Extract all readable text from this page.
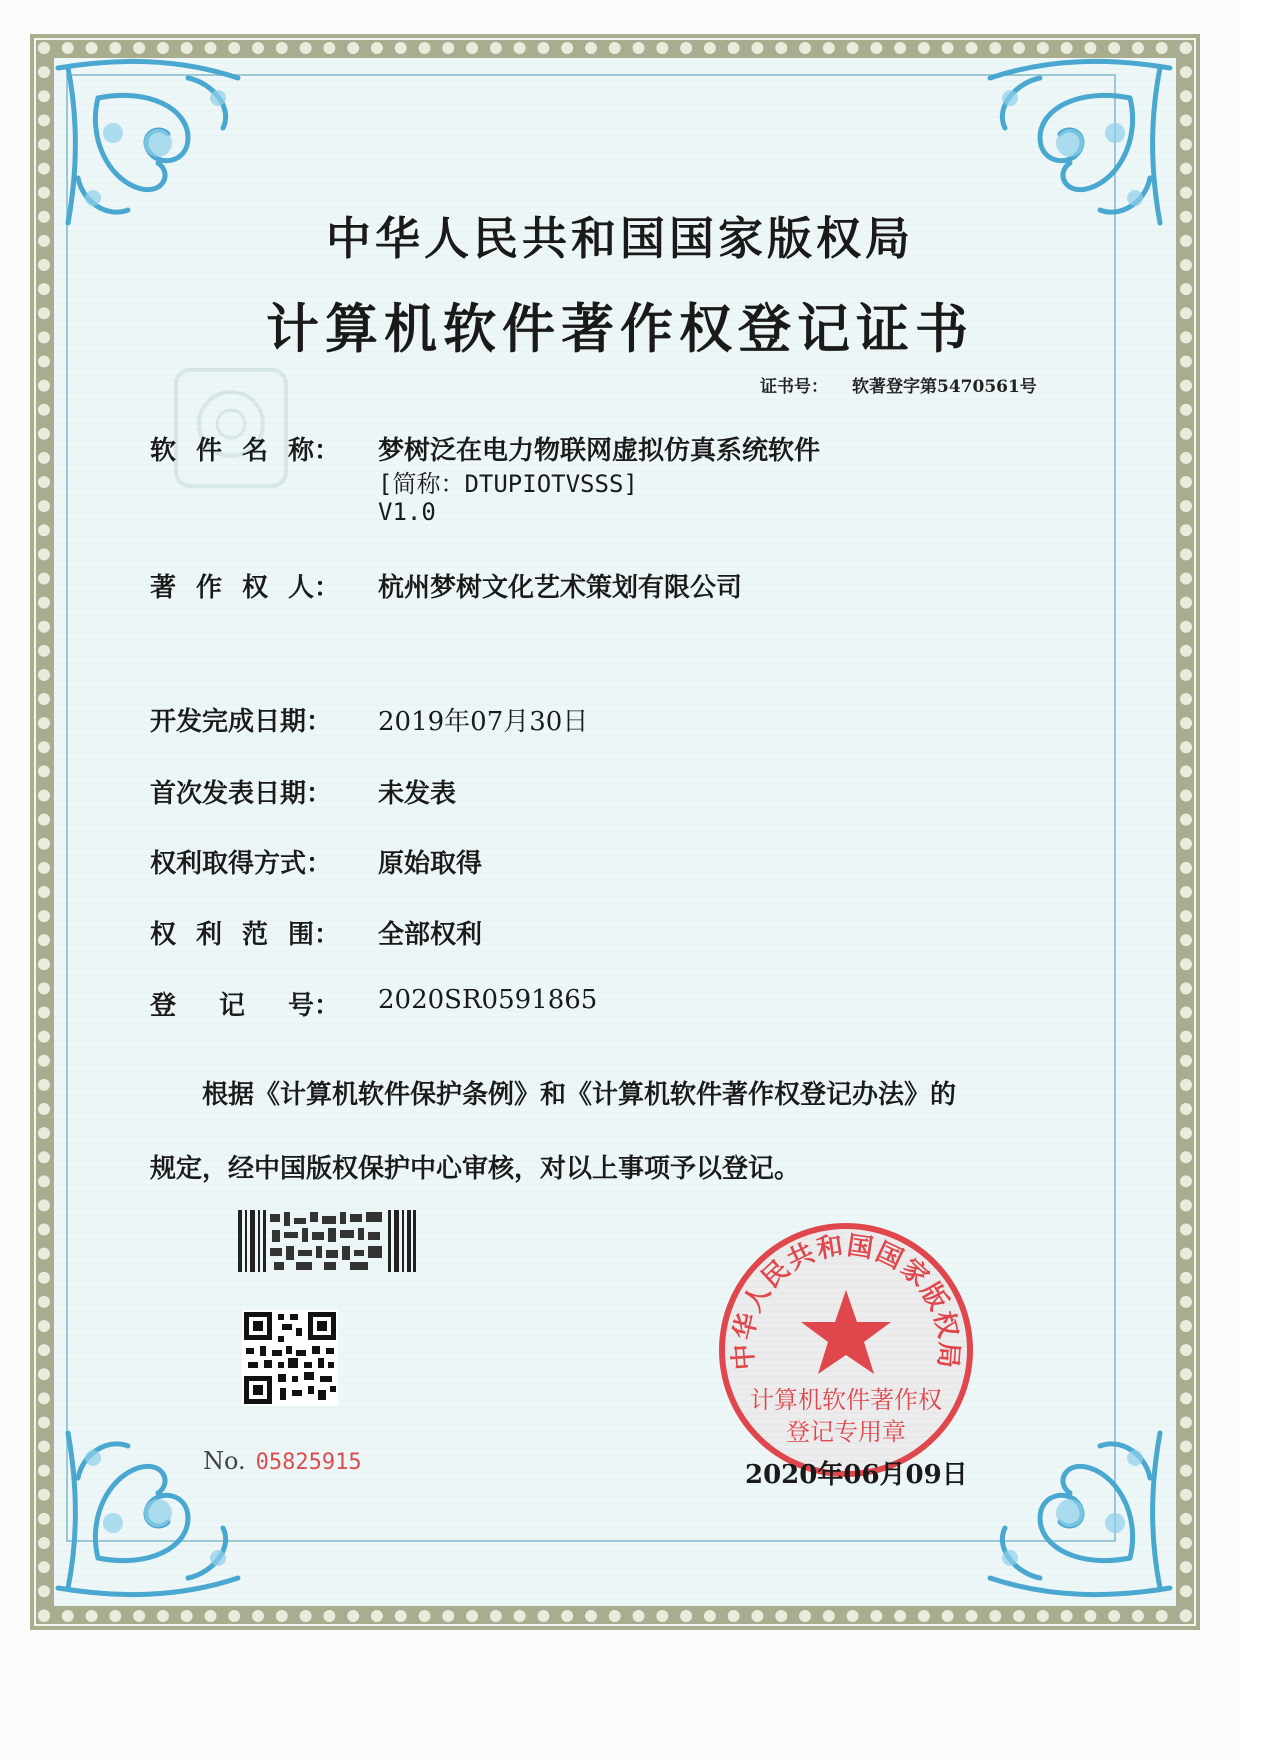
中华人民共和国国家版权局
计算机软件著作权登记证书
证书号： 软著登字第5470561号
软 件 名 称： 梦树泛在电力物联网虚拟仿真系统软件
[简称：DTUPIOTVSSS]
V1.0
著 作 权 人： 杭州梦树文化艺术策划有限公司
开发完成日期： 2019年07月30日
首次发表日期： 未发表
权利取得方式： 原始取得
权 利 范 围： 全部权利
登 记 号： 2020SR0591865
根据《计算机软件保护条例》和《计算机软件著作权登记办法》的
规定，经中国版权保护中心审核，对以上事项予以登记。
No. 05825915
中华人民共和国国家版权局
计算机软件著作权
登记专用章
2020年06月09日
